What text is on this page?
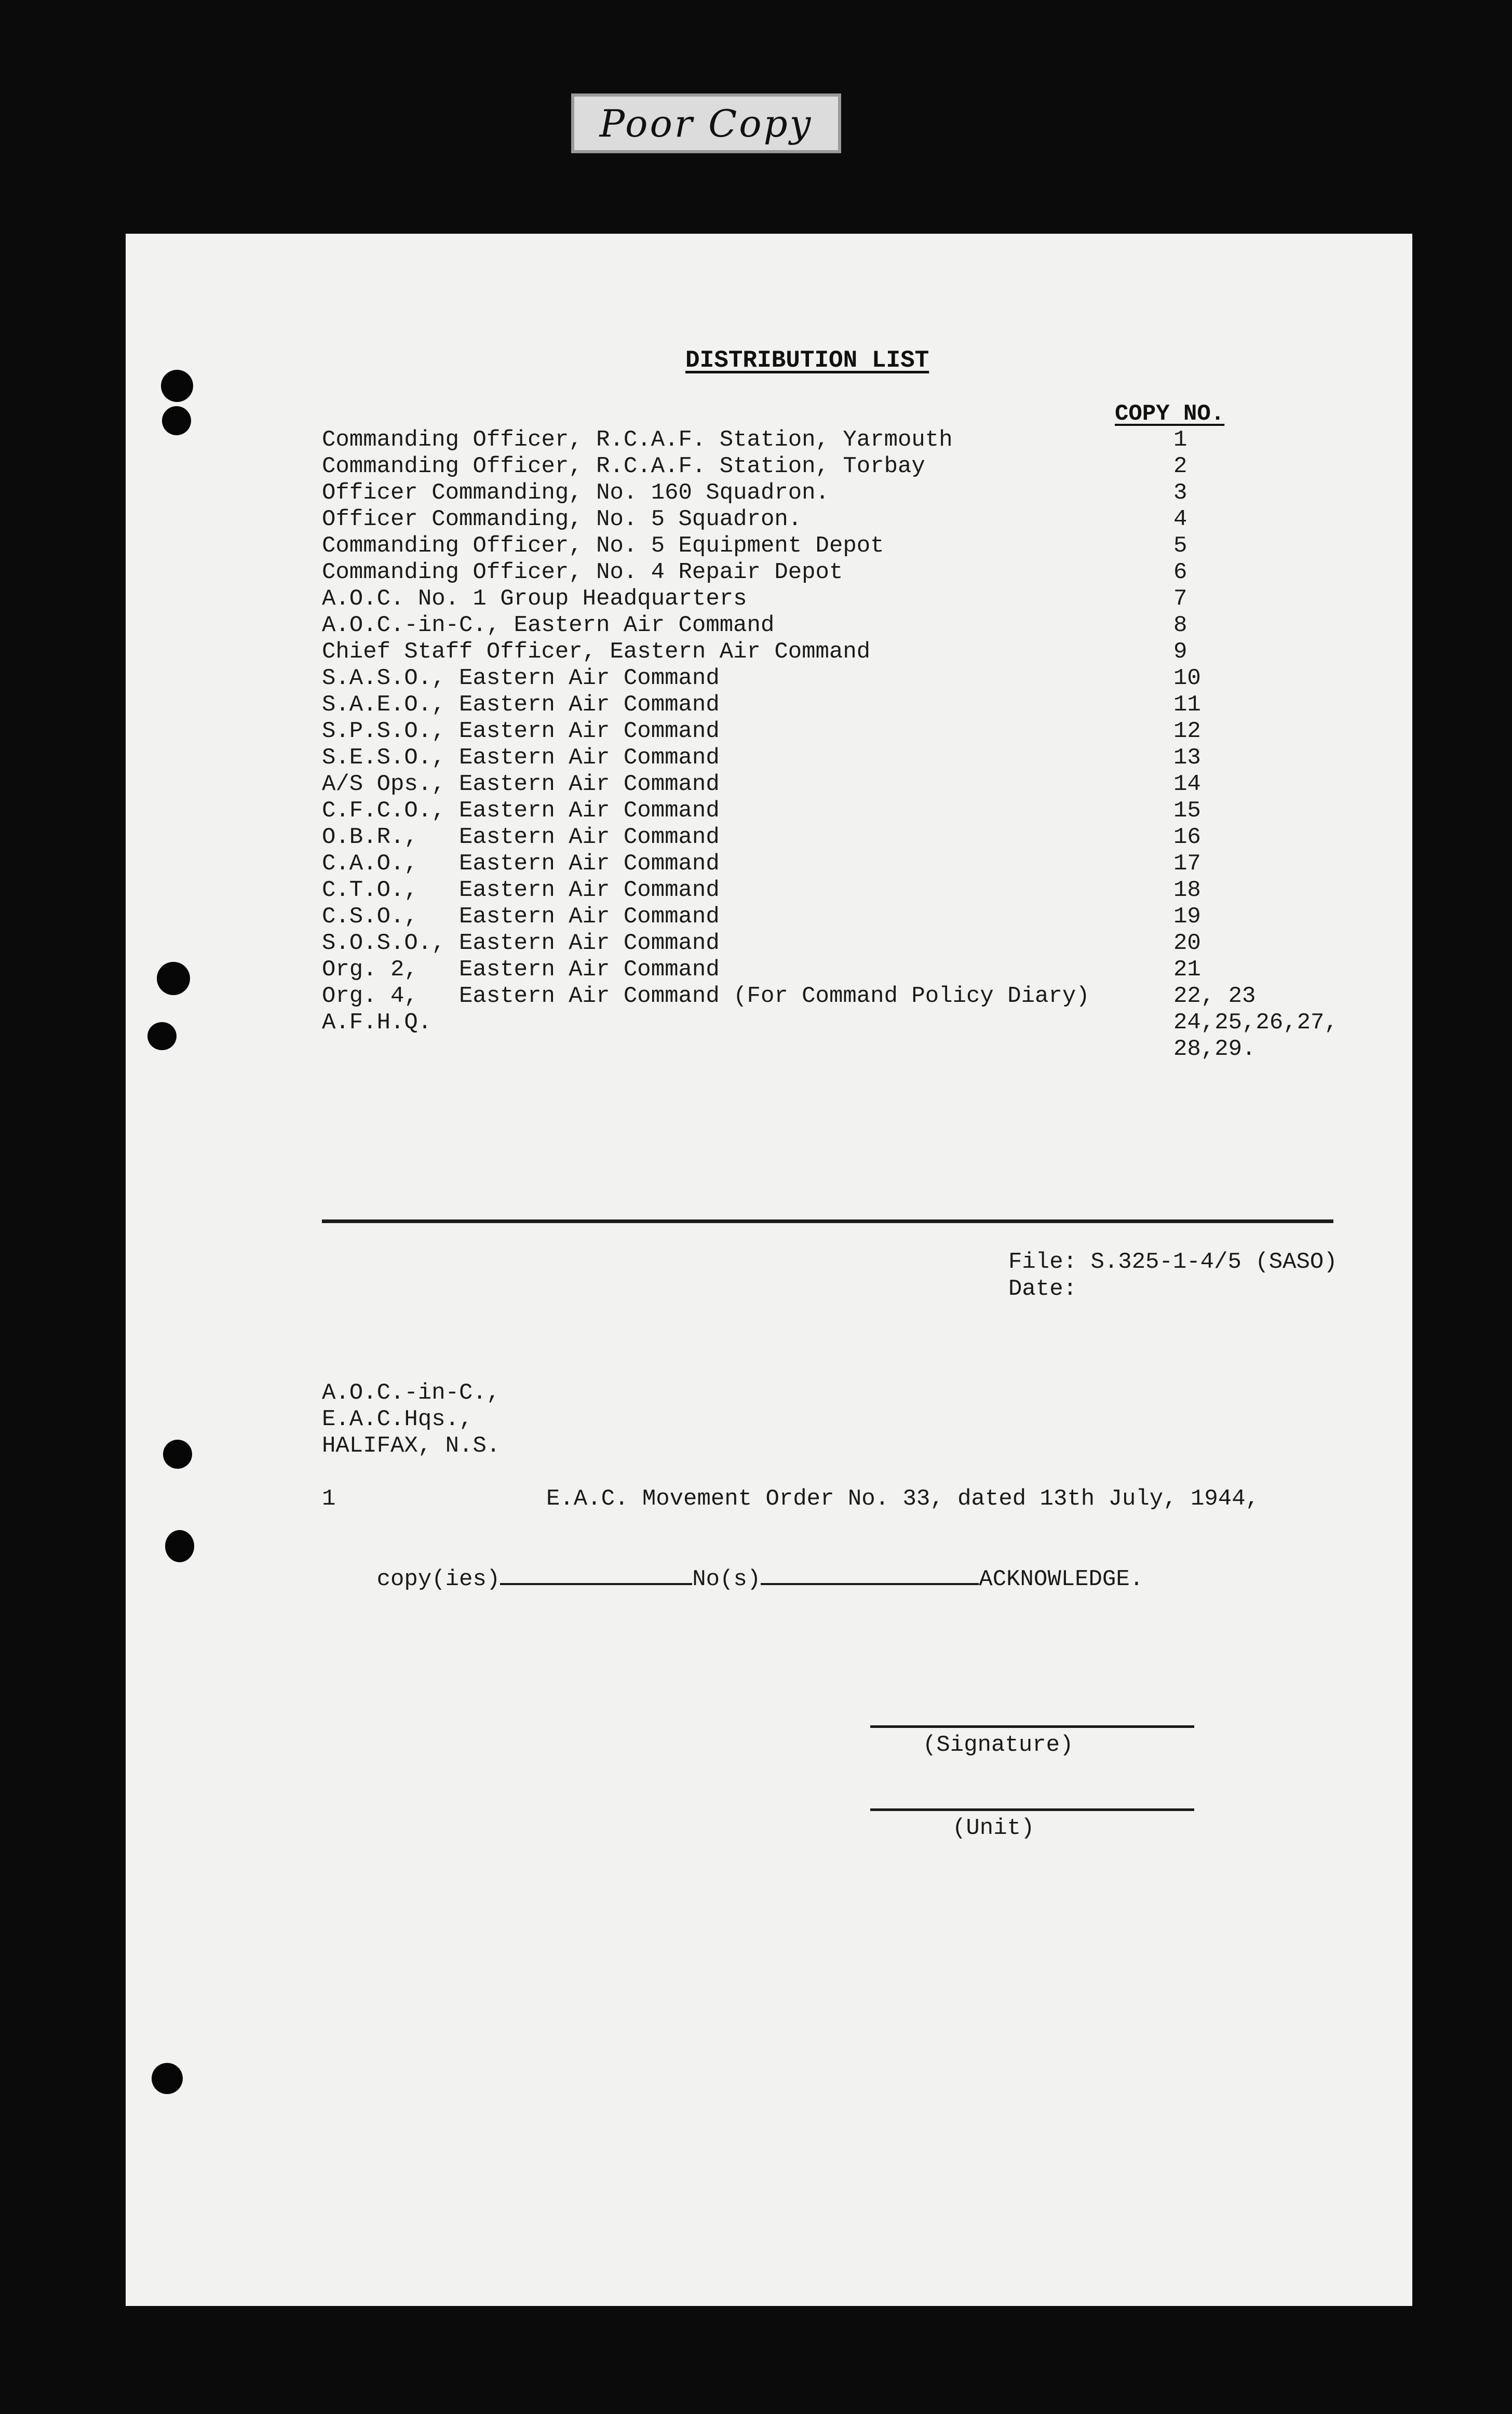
Poor Copy
DISTRIBUTION LIST
COPY NO.
Commanding Officer, R.C.A.F. Station, Yarmouth	1
Commanding Officer, R.C.A.F. Station, Torbay	2
Officer Commanding, No. 160 Squadron.	3
Officer Commanding, No. 5 Squadron.	4
Commanding Officer, No. 5 Equipment Depot	5
Commanding Officer, No. 4 Repair Depot	6
A.O.C. No. 1 Group Headquarters	7
A.O.C.-in-C., Eastern Air Command	8
Chief Staff Officer, Eastern Air Command	9
S.A.S.O., Eastern Air Command	10
S.A.E.O., Eastern Air Command	11
S.P.S.O., Eastern Air Command	12
S.E.S.O., Eastern Air Command	13
A/S Ops., Eastern Air Command	14
C.F.C.O., Eastern Air Command	15
O.B.R.,   Eastern Air Command	16
C.A.O.,   Eastern Air Command	17
C.T.O.,   Eastern Air Command	18
C.S.O.,   Eastern Air Command	19
S.O.S.O., Eastern Air Command	20
Org. 2,   Eastern Air Command	21
Org. 4,   Eastern Air Command (For Command Policy Diary)	22, 23
A.F.H.Q.	24,25,26,27,
28,29.
File: S.325-1-4/5 (SASO)
Date:
A.O.C.-in-C.,
E.A.C.Hqs.,
HALIFAX, N.S.
1	E.A.C. Movement Order No. 33, dated 13th July, 1944,

copy(ies)	No(s)	ACKNOWLEDGE.

(Signature)
(Unit)
